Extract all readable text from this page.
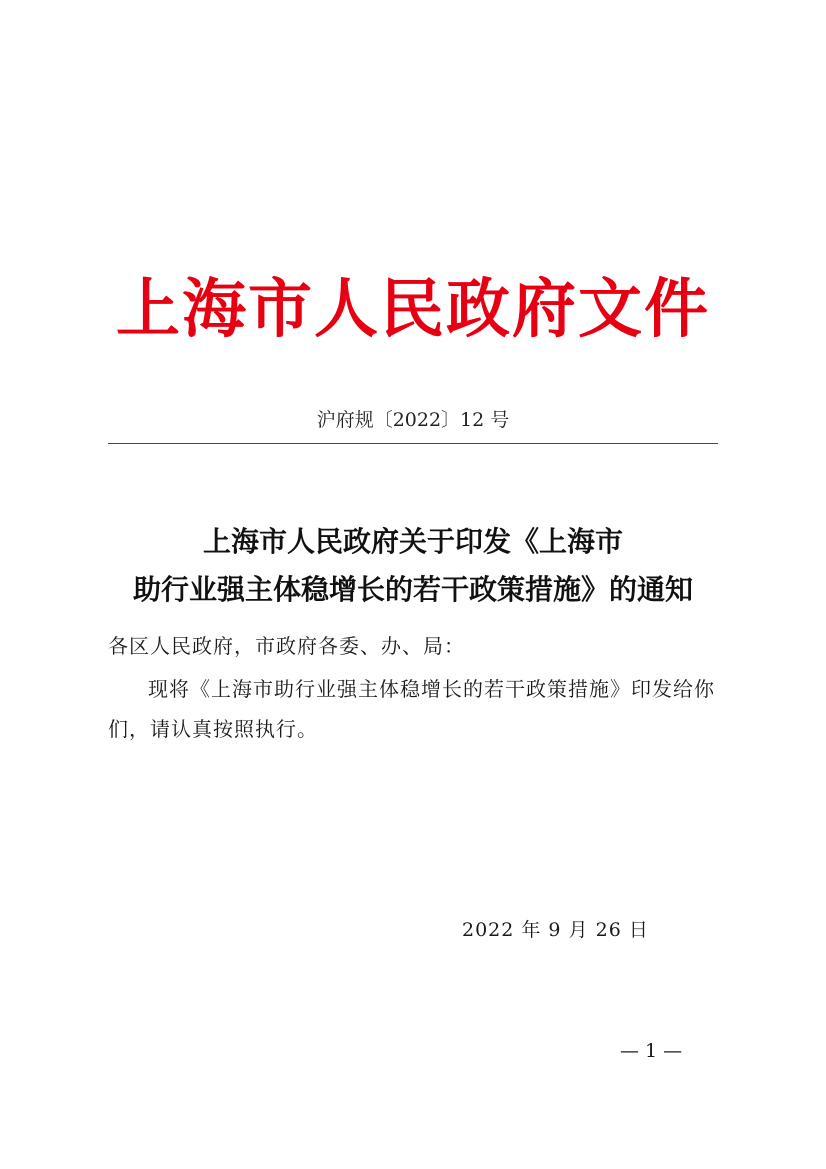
上海市人民政府文件
沪府规〔2022〕12 号
上海市人民政府关于印发《上海市
助行业强主体稳增长的若干政策措施》的通知
各区人民政府，市政府各委、办、局：
现将《上海市助行业强主体稳增长的若干政策措施》印发给你
们，请认真按照执行。
2022 年 9 月 26 日
— 1 —
